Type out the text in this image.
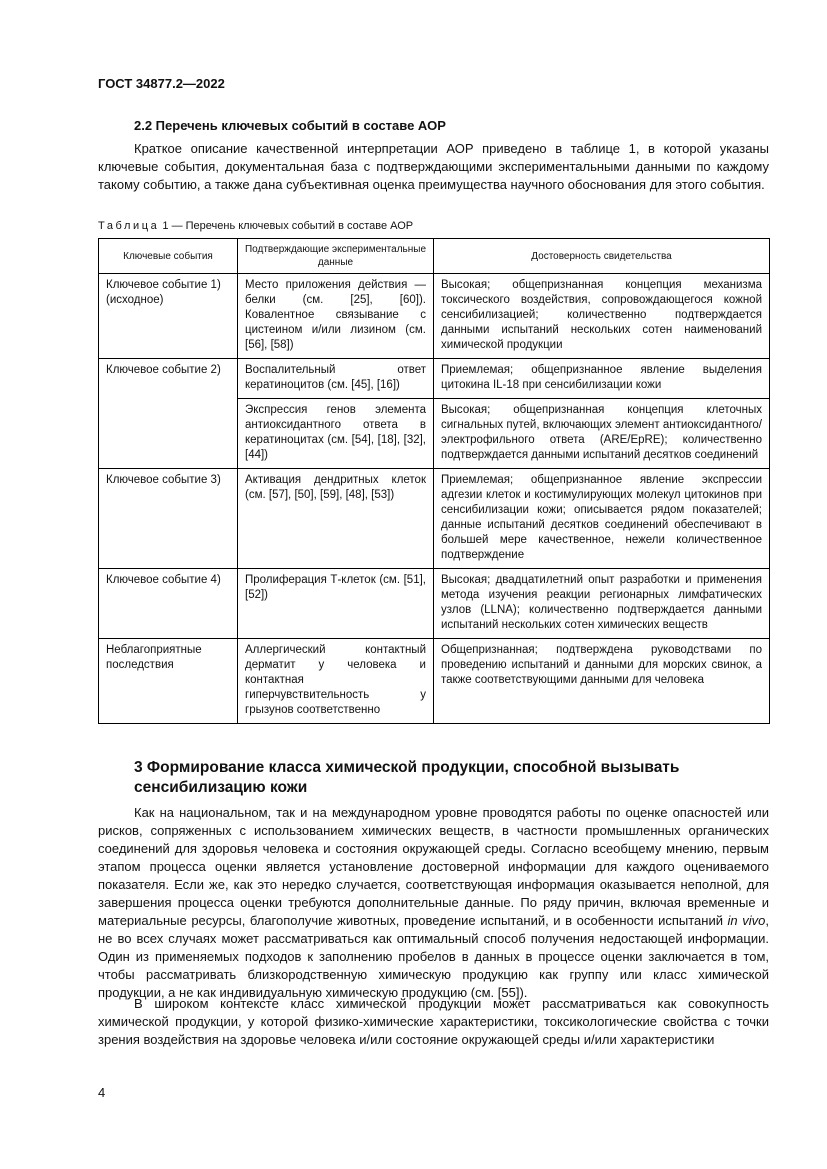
ГОСТ 34877.2—2022
2.2 Перечень ключевых событий в составе АОР

Краткое описание качественной интерпретации АОР приведено в таблице 1, в которой указаны ключевые события, документальная база с подтверждающими экспериментальными данными по каждому такому событию, а также дана субъективная оценка преимущества научного обоснования для этого события.

Таблица 1 — Перечень ключевых событий в составе АОР
Ключевые события	Подтверждающие экспериментальные данные	Достоверность свидетельства
Ключевое событие 1) (исходное)	Место приложения действия — белки (см. [25], [60]). Ковалентное связывание с цистеином и/или лизином (см. [56], [58])	Высокая; общепризнанная концепция механизма токсического воздействия, сопровождающегося кожной сенсибилизацией; количественно подтверждается данными испытаний нескольких сотен наименований химической продукции
Ключевое событие 2)	Воспалительный ответ кератиноцитов (см. [45], [16])	Приемлемая; общепризнанное явление выделения цитокина IL-18 при сенсибилизации кожи
	Экспрессия генов элемента антиоксидантного ответа в кератиноцитах (см. [54], [18], [32], [44])	Высокая; общепризнанная концепция клеточных сигнальных путей, включающих элемент антиоксидантного/электрофильного ответа (ARE/EpRE); количественно подтверждается данными испытаний десятков соединений
Ключевое событие 3)	Активация дендритных клеток (см. [57], [50], [59], [48], [53])	Приемлемая; общепризнанное явление экспрессии адгезии клеток и костимулирующих молекул цитокинов при сенсибилизации кожи; описывается рядом показателей; данные испытаний десятков соединений обеспечивают в большей мере качественное, нежели количественное подтверждение
Ключевое событие 4)	Пролиферация Т-клеток (см. [51], [52])	Высокая; двадцатилетний опыт разработки и применения метода изучения реакции регионарных лимфатических узлов (LLNA); количественно подтверждается данными испытаний нескольких сотен химических веществ
Неблагоприятные последствия	Аллергический контактный дерматит у человека и контактная гиперчувствительность у грызунов соответственно	Общепризнанная; подтверждена руководствами по проведению испытаний и данными для морских свинок, а также соответствующими данными для человека
3 Формирование класса химической продукции, способной вызывать сенсибилизацию кожи

Как на национальном, так и на международном уровне проводятся работы по оценке опасностей или рисков, сопряженных с использованием химических веществ, в частности промышленных органических соединений для здоровья человека и состояния окружающей среды. Согласно всеобщему мнению, первым этапом процесса оценки является установление достоверной информации для каждого оцениваемого показателя. Если же, как это нередко случается, соответствующая информация оказывается неполной, для завершения процесса оценки требуются дополнительные данные. По ряду причин, включая временные и материальные ресурсы, благополучие животных, проведение испытаний, и в особенности испытаний in vivo, не во всех случаях может рассматриваться как оптимальный способ получения недостающей информации. Один из применяемых подходов к заполнению пробелов в данных в процессе оценки заключается в том, чтобы рассматривать близкородственную химическую продукцию как группу или класс химической продукции, а не как индивидуальную химическую продукцию (см. [55]).

В широком контексте класс химической продукции может рассматриваться как совокупность химической продукции, у которой физико-химические характеристики, токсикологические свойства с точки зрения воздействия на здоровье человека и/или состояние окружающей среды и/или характеристики

4
